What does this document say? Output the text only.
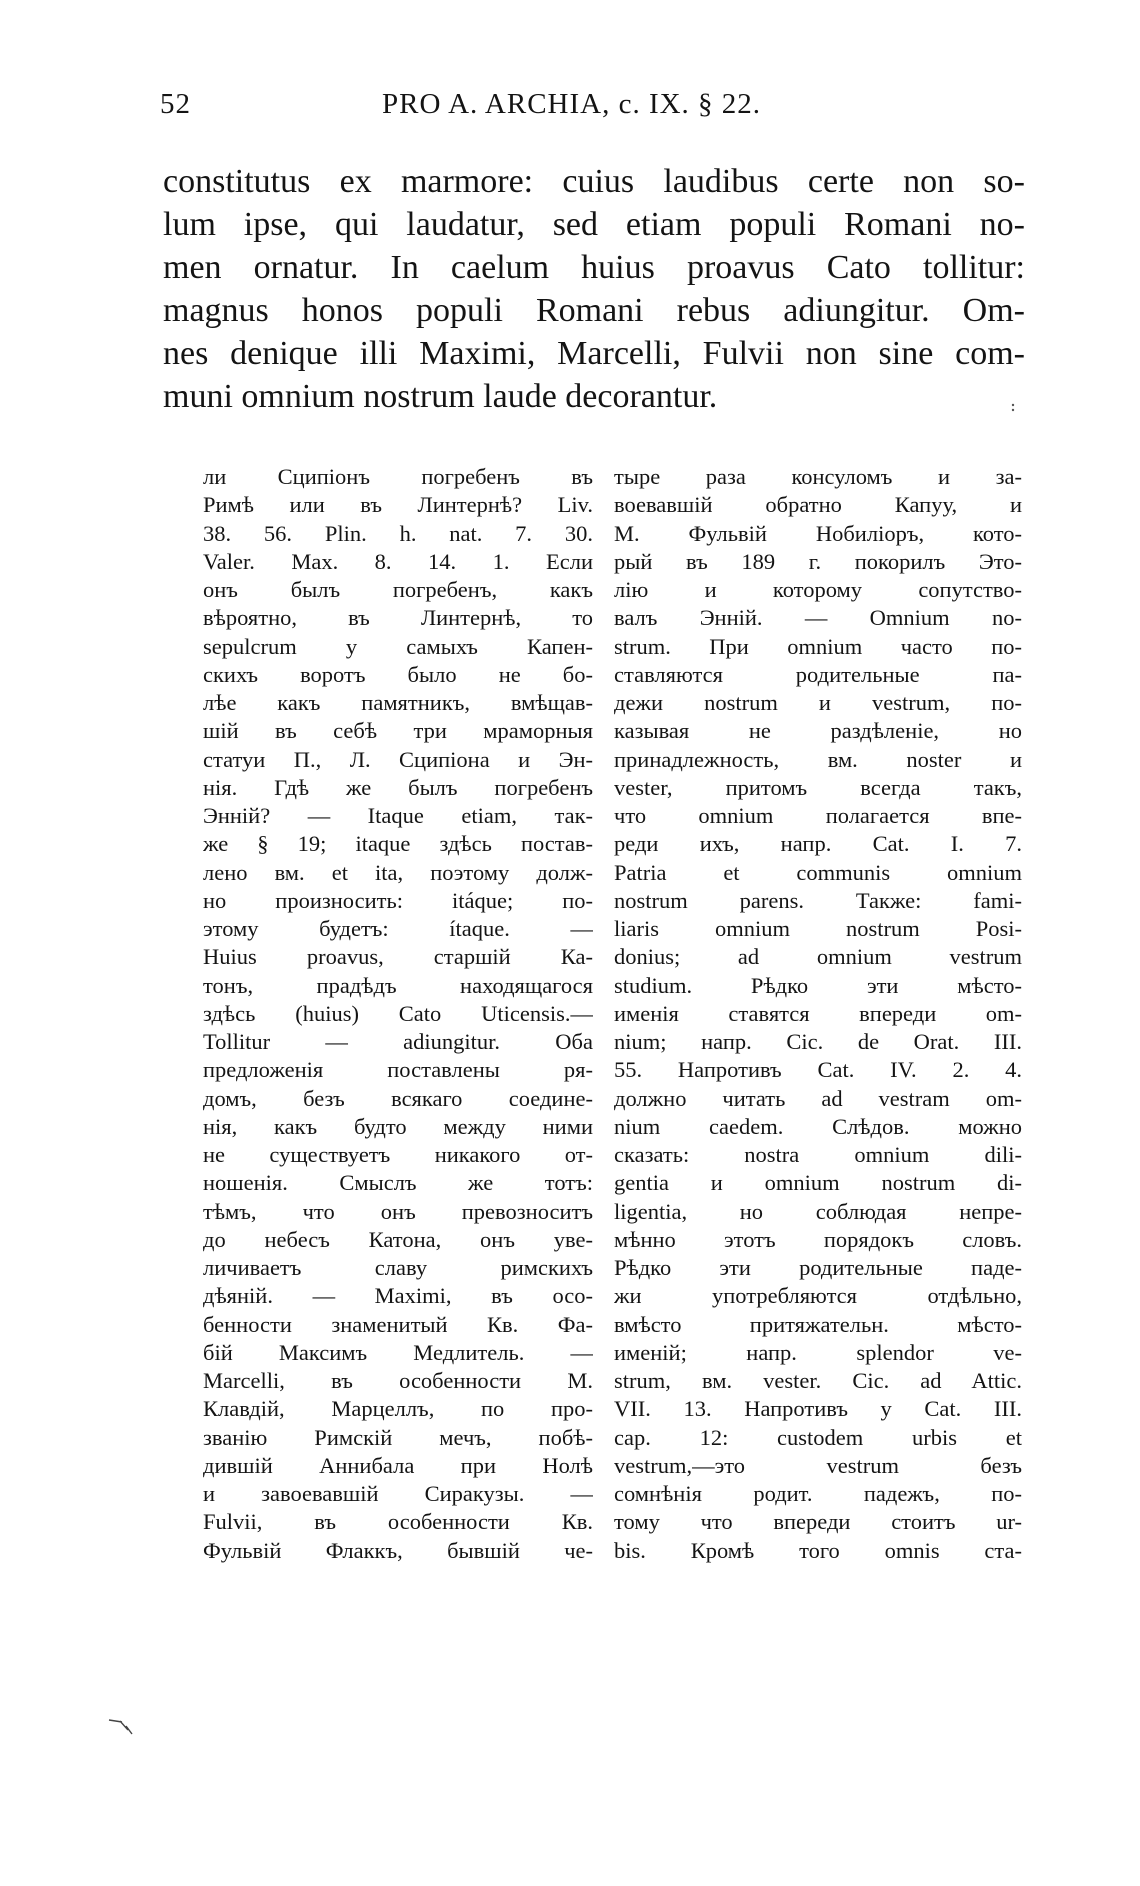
52	PRO A. ARCHIA, c. IX. § 22.
constitutus ex marmore: cuius laudibus certe non so-
lum ipse, qui laudatur, sed etiam populi Romani no-
men ornatur. In caelum huius proavus Cato tollitur:
magnus honos populi Romani rebus adiungitur. Om-
nes denique illi Maximi, Marcelli, Fulvii non sine com-
muni omnium nostrum laude decorantur.
ли Сципіонъ погребенъ въ
Римѣ или въ Линтернѣ? Liv.
38. 56. Plin. h. nat. 7. 30.
Valer. Max. 8. 14. 1. Если
онъ былъ погребенъ, какъ
вѣроятно, въ Линтернѣ, то
sepulcrum у самыхъ Капен-
скихъ воротъ было не бо-
лѣе какъ памятникъ, вмѣщав-
шій въ себѣ три мраморныя
статуи П., Л. Сципіона и Эн-
нія. Гдѣ же былъ погребенъ
Энній? — Itaque etiam, так-
же § 19; itaque здѣсь постав-
лено вм. et ita, поэтому долж-
но произносить: itáque; по-
этому будетъ: ítaque. —
Huius proavus, старшій Ка-
тонъ, прадѣдъ находящагося
здѣсь (huius) Cato Uticensis.—
Tollitur — adiungitur. Оба
предложенія поставлены ря-
домъ, безъ всякаго соедине-
нія, какъ будто между ними
не существуетъ никакого от-
ношенія. Смыслъ же тотъ:
тѣмъ, что онъ превозноситъ
до небесъ Катона, онъ уве-
личиваетъ славу римскихъ
дѣяній. — Maximi, въ осо-
бенности знаменитый Кв. Фа-
бій Максимъ Медлитель. —
Marcelli, въ особенности М.
Клавдій, Марцеллъ, по про-
званію Римскій мечъ, побѣ-
дившій Аннибала при Нолѣ
и завоевавшій Сиракузы. —
Fulvii, въ особенности Кв.
Фульвій Флаккъ, бывшій че-
тыре раза консуломъ и за-
воевавшій обратно Капуу, и
М. Фульвій Нобиліоръ, кото-
рый въ 189 г. покорилъ Это-
лію и которому сопутство-
валъ Энній. — Omnium no-
strum. При omnium часто по-
ставляются родительные па-
дежи nostrum и vestrum, по-
казывая не раздѣленіе, но
принадлежность, вм. noster и
vester, притомъ всегда такъ,
что omnium полагается впе-
реди ихъ, напр. Cat. I. 7.
Patria et communis omnium
nostrum parens. Также: fami-
liaris omnium nostrum Posi-
donius; ad omnium vestrum
studium. Рѣдко эти мѣсто-
именія ставятся впереди om-
nium; напр. Cic. de Orat. III.
55. Напротивъ Cat. IV. 2. 4.
должно читать ad vestram om-
nium caedem. Слѣдов. можно
сказать: nostra omnium dili-
gentia и omnium nostrum di-
ligentia, но соблюдая непре-
мѣнно этотъ порядокъ словъ.
Рѣдко эти родительные паде-
жи употребляются отдѣльно,
вмѣсто притяжательн. мѣсто-
именій; напр. splendor ve-
strum, вм. vester. Cic. ad Attic.
VII. 13. Напротивъ у Cat. III.
cap. 12: custodem urbis et
vestrum,—это vestrum безъ
сомнѣнія родит. падежъ, по-
тому что впереди стоитъ ur-
bis. Кромѣ того omnis ста-
